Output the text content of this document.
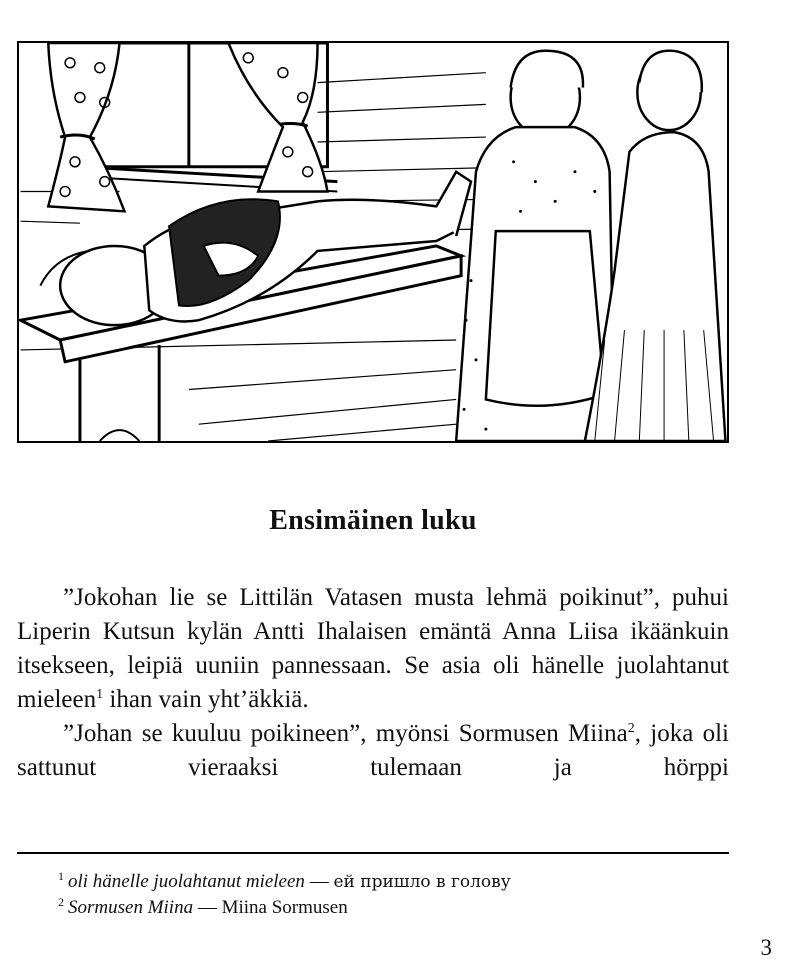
Ensimäinen luku

”Jokohan lie se Littilän Vatasen musta lehmä poikinut”, puhui Liperin Kutsun kylän Antti Ihalaisen emäntä Anna Liisa ikäänkuin itsekseen, leipiä uuniin pannessaan. Se asia oli hänelle juolahtanut mieleen$^1$ ihan vain yht’äkkiä.

”Johan se kuuluu poikineen”, myönsi Sormusen Miina$^2$, joka oli sattunut vieraaksi tulemaan ja hörppi

$^1$ oli hänelle juolahtanut mieleen — ей пришло в голову
$^2$ Sormusen Miina — Miina Sormusen
3
